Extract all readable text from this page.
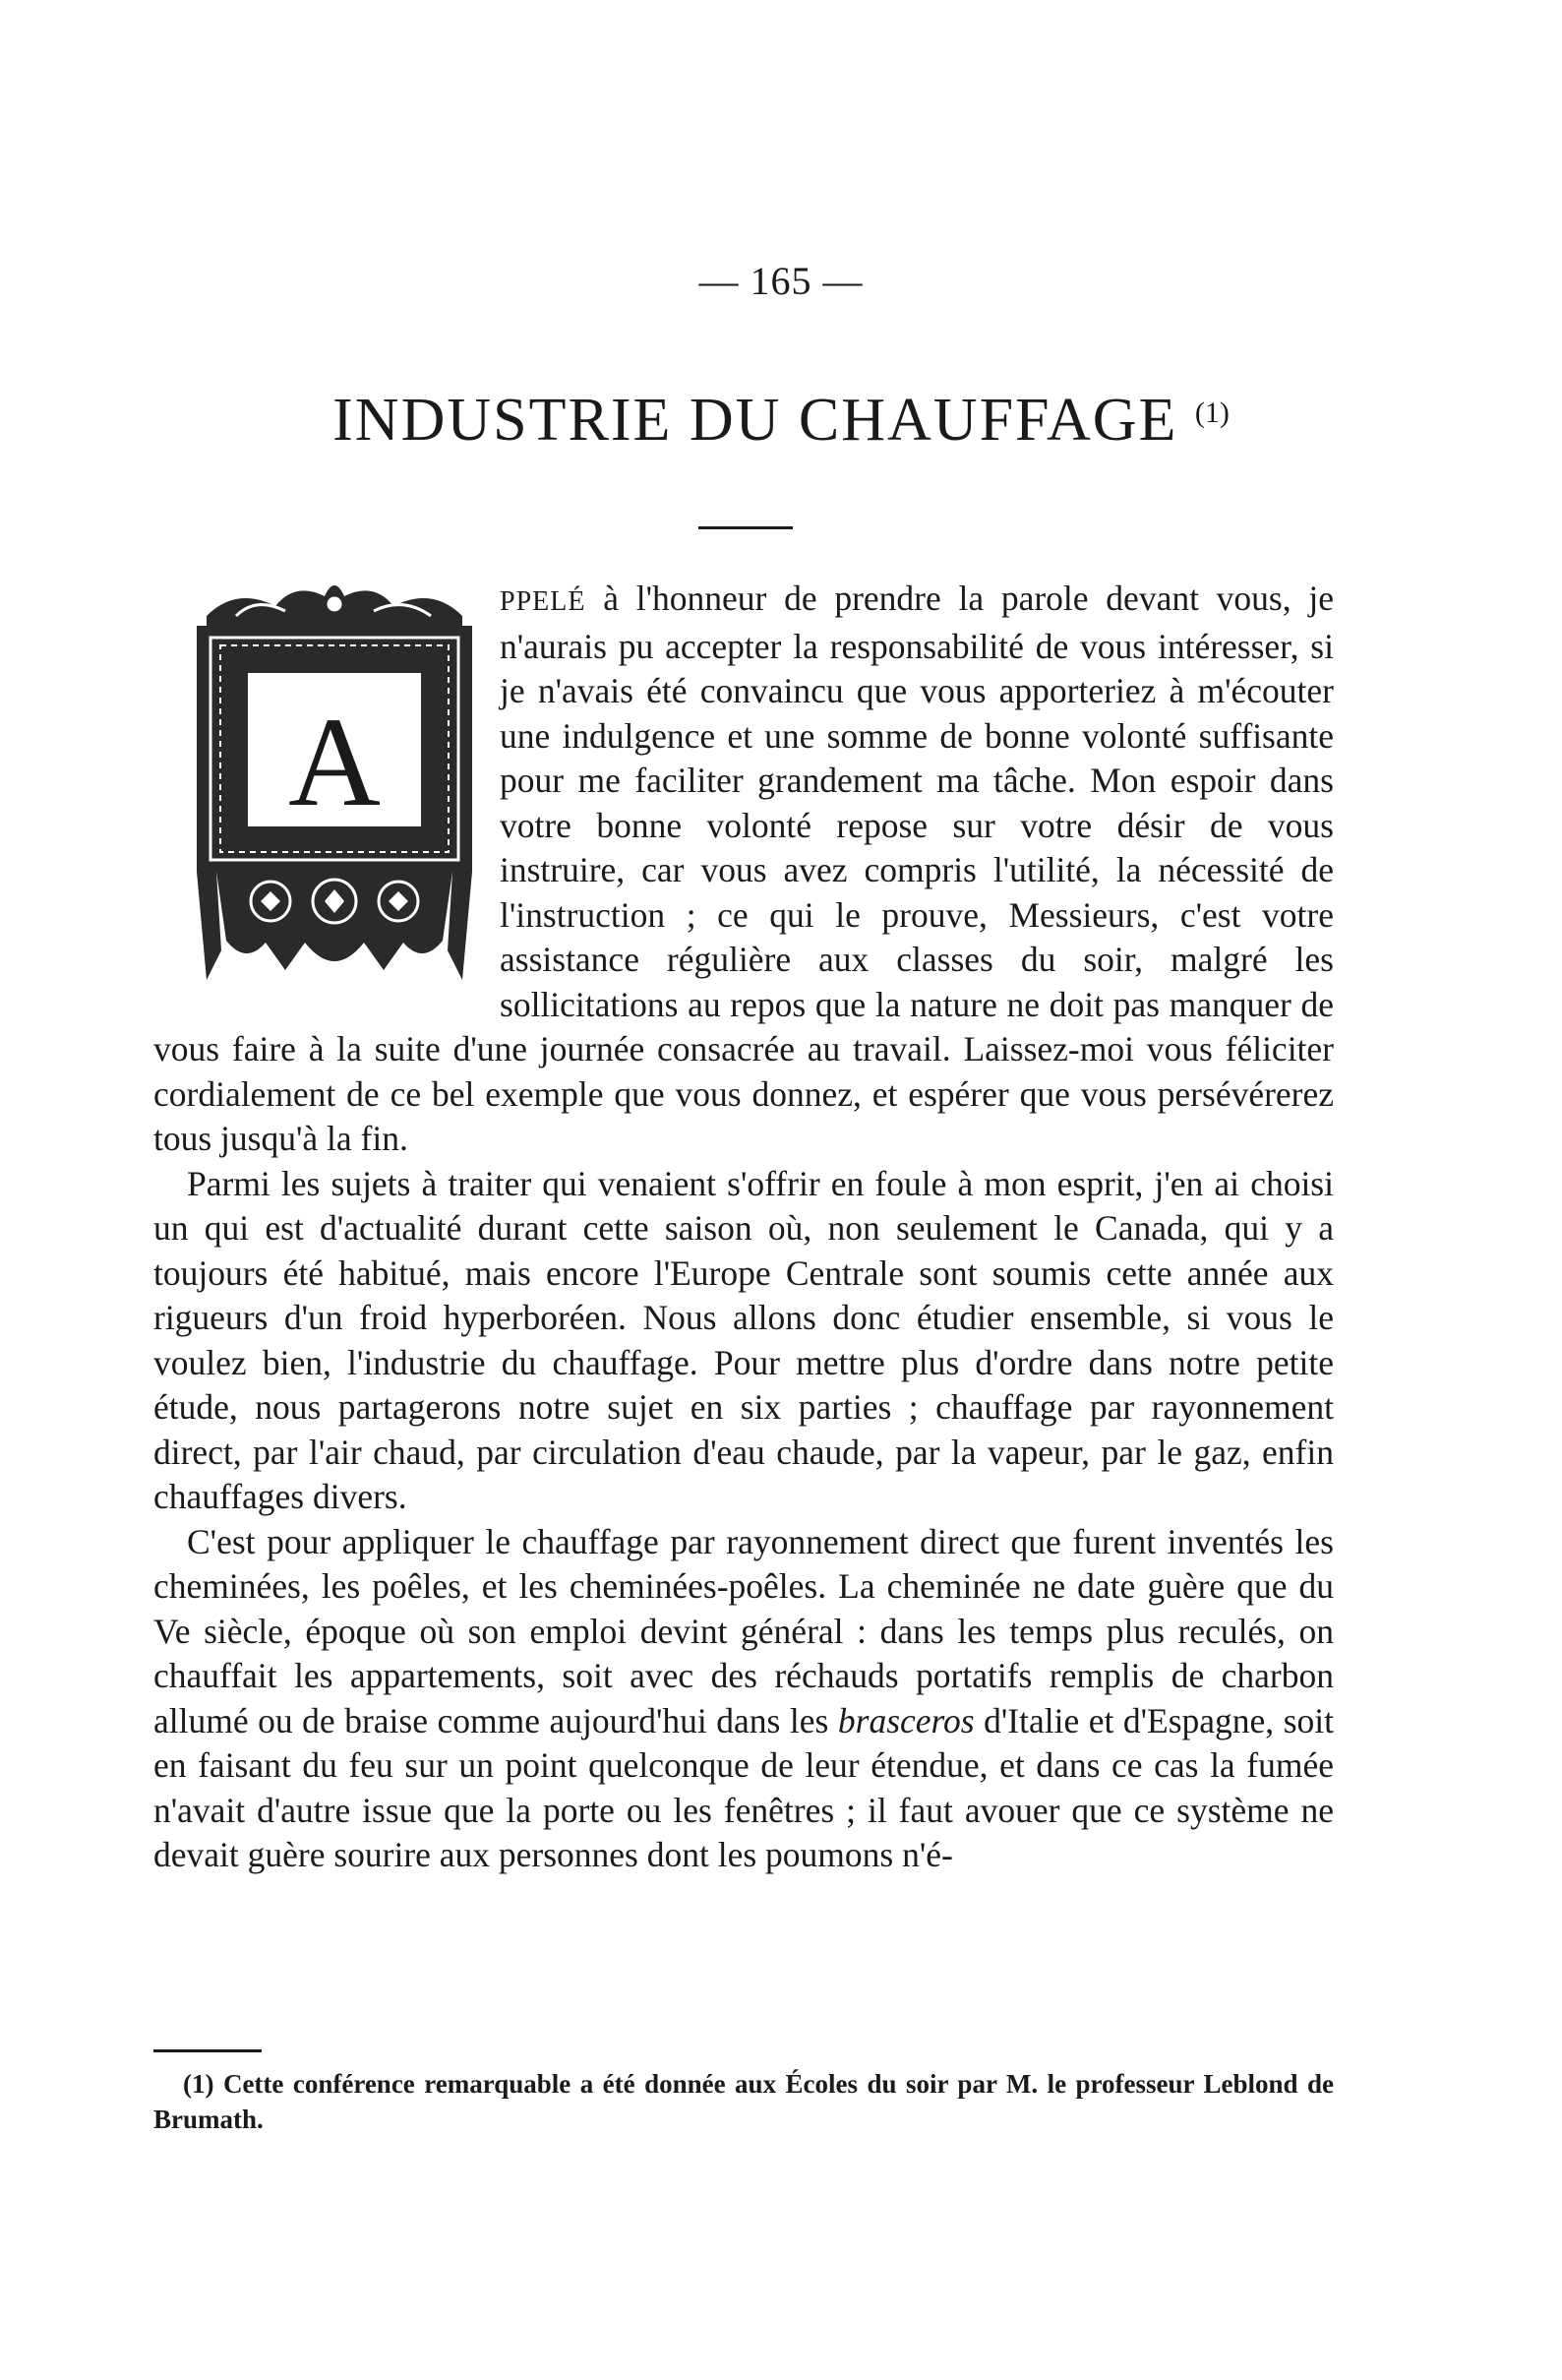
— 165 —
INDUSTRIE DU CHAUFFAGE $^{(1)}$
A

PPELÉ à l'honneur de prendre la parole devant vous, je n'aurais pu accepter la responsabilité de vous intéresser, si je n'avais été convaincu que vous apporteriez à m'écouter une indulgence et une somme de bonne volonté suffisante pour me faciliter grandement ma tâche. Mon espoir dans votre bonne volonté repose sur votre désir de vous instruire, car vous avez compris l'utilité, la nécessité de l'instruction ; ce qui le prouve, Messieurs, c'est votre assistance régulière aux classes du soir, malgré les sollicitations au repos que la nature ne doit pas manquer de vous faire à la suite d'une journée consacrée au travail. Laissez-moi vous féliciter cordialement de ce bel exemple que vous donnez, et espérer que vous persévérerez tous jusqu'à la fin.

Parmi les sujets à traiter qui venaient s'offrir en foule à mon esprit, j'en ai choisi un qui est d'actualité durant cette saison où, non seulement le Canada, qui y a toujours été habitué, mais encore l'Europe Centrale sont soumis cette année aux rigueurs d'un froid hyperboréen. Nous allons donc étudier ensemble, si vous le voulez bien, l'industrie du chauffage. Pour mettre plus d'ordre dans notre petite étude, nous partagerons notre sujet en six parties ; chauffage par rayonnement direct, par l'air chaud, par circulation d'eau chaude, par la vapeur, par le gaz, enfin chauffages divers.

C'est pour appliquer le chauffage par rayonnement direct que furent inventés les cheminées, les poêles, et les cheminées-poêles. La cheminée ne date guère que du Ve siècle, époque où son emploi devint général : dans les temps plus reculés, on chauffait les appartements, soit avec des réchauds portatifs remplis de charbon allumé ou de braise comme aujourd'hui dans les brasceros d'Italie et d'Espagne, soit en faisant du feu sur un point quelconque de leur étendue, et dans ce cas la fumée n'avait d'autre issue que la porte ou les fenêtres ; il faut avouer que ce système ne devait guère sourire aux personnes dont les poumons n'é-

(1) Cette conférence remarquable a été donnée aux Écoles du soir par M. le professeur Leblond de Brumath.
